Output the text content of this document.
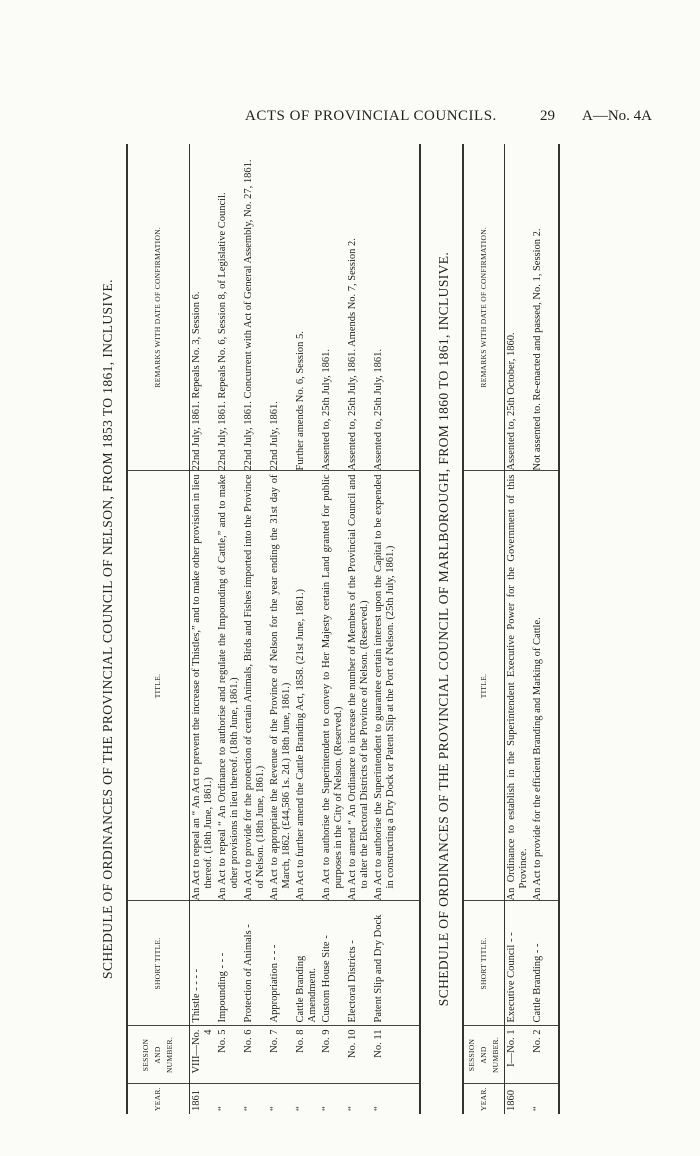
ACTS OF PROVINCIAL COUNCILS.	29 A—No. 4A
SCHEDULE OF ORDINANCES OF THE PROVINCIAL COUNCIL OF NELSON, FROM 1853 TO 1861, INCLUSIVE.
YEAR.	SESSION AND NUMBER.	SHORT TITLE.	TITLE.	REMARKS WITH DATE OF CONFIRMATION.
1861	VIII—No. 4	Thistle - - - -	An Act to repeal an “ An Act to prevent the increase of Thistles,” and to make other provision in lieu thereof. (18th June, 1861.)	22nd July, 1861. Repeals No. 3, Session 6.
“	No. 5	Impounding - - -	An Act to repeal “ An Ordinance to authorise and regulate the Impounding of Cattle,” and to make other provisions in lieu thereof. (18th June, 1861.)	22nd July, 1861. Repeals No. 6, Session 8, of Legislative Council.
“	No. 6	Protection of Animals -	An Act to provide for the protection of certain Animals, Birds and Fishes imported into the Province of Nelson. (18th June, 1861.)	22nd July, 1861. Concurrent with Act of General Assembly, No. 27, 1861.
“	No. 7	Appropriation - - -	An Act to appropriate the Revenue of the Province of Nelson for the year ending the 31st day of March, 1862. (£44,586 1s. 2d.) 18th June, 1861.)	22nd July, 1861.
“	No. 8	Cattle Branding Amendment.	An Act to further amend the Cattle Branding Act, 1858. (21st June, 1861.)	Further amends No. 6, Session 5.
“	No. 9	Custom House Site -	An Act to authorise the Superintendent to convey to Her Majesty certain Land granted for public purposes in the City of Nelson. (Reserved.)	Assented to, 25th July, 1861.
“	No. 10	Electoral Districts -	An Act to amend “ An Ordinance to increase the number of Members of the Provincial Council and to alter the Electoral Districts of the Province of Nelson. (Reserved.)	Assented to, 25th July, 1861. Amends No. 7, Session 2.
“	No. 11	Patent Slip and Dry Dock	An Act to authorise the Superintendent to guarantee certain interest upon the Capital to be expended in constructing a Dry Dock or Patent Slip at the Port of Nelson. (25th July, 1861.)	Assented to, 25th July, 1861.	SCHEDULE OF ORDINANCES OF THE PROVINCIAL COUNCIL OF MARLBOROUGH, FROM 1860 TO 1861, INCLUSIVE.
YEAR.	SESSION AND NUMBER.	SHORT TITLE.	TITLE.	REMARKS WITH DATE OF CONFIRMATION.
1860	I—No. 1	Executive Council - -	An Ordinance to establish in the Superintendent Executive Power for the Government of this Province.	Assented to, 25th October, 1860.
“	No. 2	Cattle Branding - -	An Act to provide for the efficient Branding and Marking of Cattle.	Not assented to. Re-enacted and passed, No. 1, Session 2.
